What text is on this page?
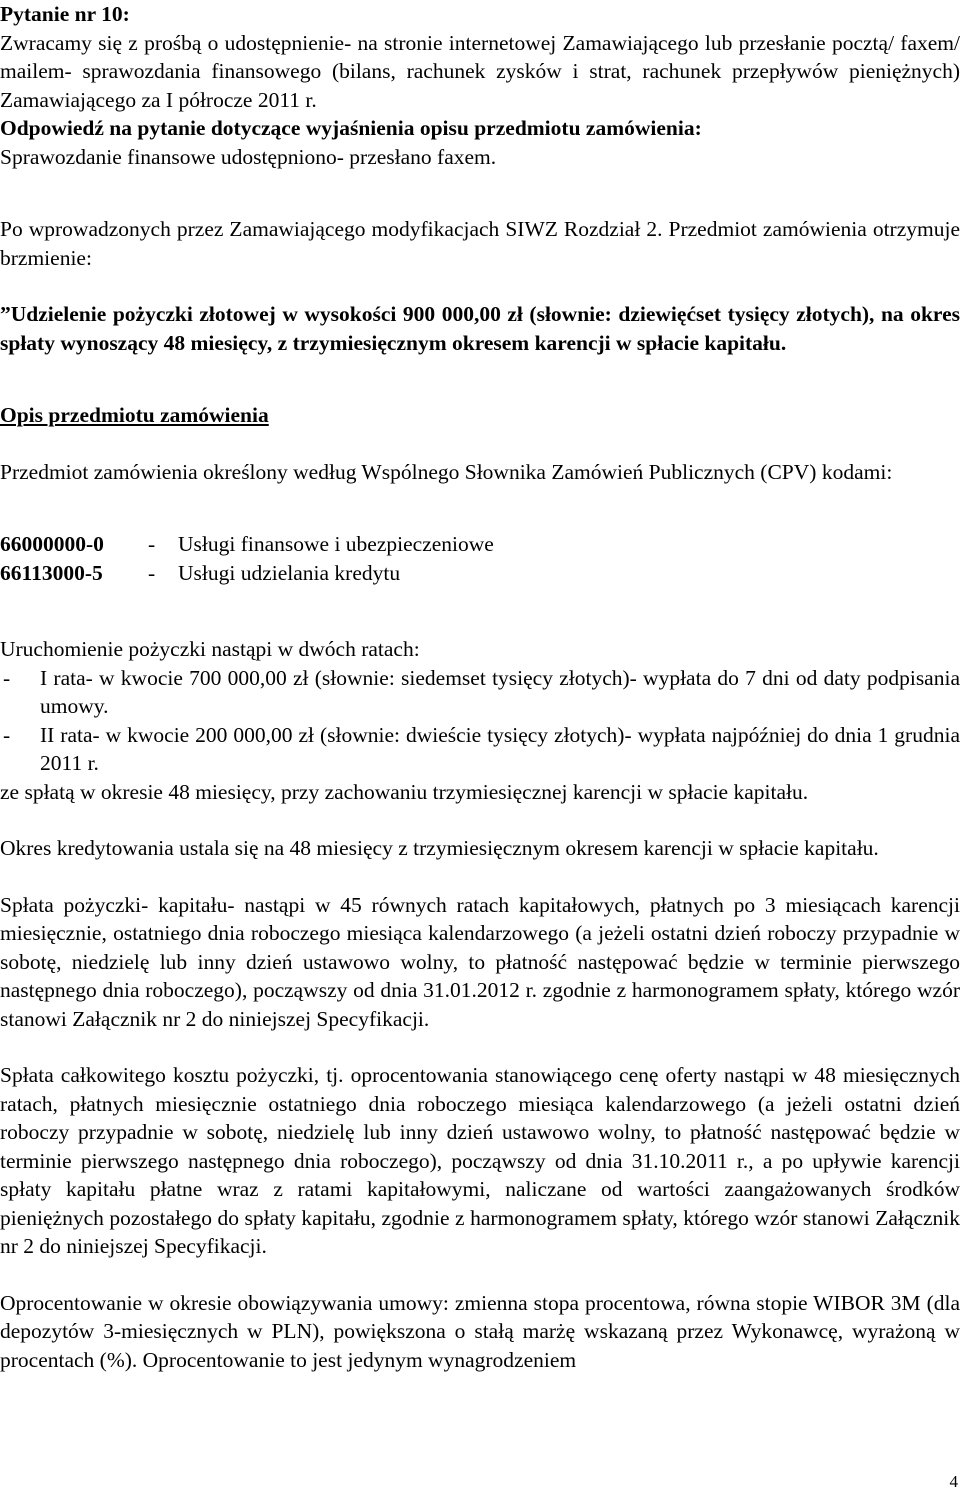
Pytanie nr 10:

Zwracamy się z prośbą o udostępnienie- na stronie internetowej Zamawiającego lub przesłanie pocztą/ faxem/ mailem- sprawozdania finansowego (bilans, rachunek zysków i strat, rachunek przepływów pieniężnych) Zamawiającego za I półrocze 2011 r.

Odpowiedź na pytanie dotyczące wyjaśnienia opisu przedmiotu zamówienia:

Sprawozdanie finansowe udostępniono- przesłano faxem.

Po wprowadzonych przez Zamawiającego modyfikacjach SIWZ Rozdział 2. Przedmiot zamówienia otrzymuje brzmienie:

”Udzielenie pożyczki złotowej w wysokości 900 000,00 zł (słownie: dziewięćset tysięcy złotych), na okres spłaty wynoszący 48 miesięcy, z trzymiesięcznym okresem karencji w spłacie kapitału.

Opis przedmiotu zamówienia

Przedmiot zamówienia określony według Wspólnego Słownika Zamówień Publicznych (CPV) kodami:

66000000-0	-	Usługi finansowe i ubezpieczeniowe
66113000-5	-	Usługi udzielania kredytu

Uruchomienie pożyczki nastąpi w dwóch ratach:

-	I rata- w kwocie 700 000,00 zł (słownie: siedemset tysięcy złotych)- wypłata do 7 dni od daty podpisania umowy.
-	II rata- w kwocie 200 000,00 zł (słownie: dwieście tysięcy złotych)- wypłata najpóźniej do dnia 1 grudnia 2011 r.

ze spłatą w okresie 48 miesięcy, przy zachowaniu trzymiesięcznej karencji w spłacie kapitału.

Okres kredytowania ustala się na 48 miesięcy z trzymiesięcznym okresem karencji w spłacie kapitału.

Spłata pożyczki- kapitału- nastąpi w 45 równych ratach kapitałowych, płatnych po 3 miesiącach karencji miesięcznie, ostatniego dnia roboczego miesiąca kalendarzowego (a jeżeli ostatni dzień roboczy przypadnie w sobotę, niedzielę lub inny dzień ustawowo wolny, to płatność następować będzie w terminie pierwszego następnego dnia roboczego), począwszy od dnia 31.01.2012 r. zgodnie z harmonogramem spłaty, którego wzór stanowi Załącznik nr 2 do niniejszej Specyfikacji.

Spłata całkowitego kosztu pożyczki, tj. oprocentowania stanowiącego cenę oferty nastąpi w 48 miesięcznych ratach, płatnych miesięcznie ostatniego dnia roboczego miesiąca kalendarzowego (a jeżeli ostatni dzień roboczy przypadnie w sobotę, niedzielę lub inny dzień ustawowo wolny, to płatność następować będzie w terminie pierwszego następnego dnia roboczego), począwszy od dnia 31.10.2011 r., a po upływie karencji spłaty kapitału płatne wraz z ratami kapitałowymi, naliczane od wartości zaangażowanych środków pieniężnych pozostałego do spłaty kapitału, zgodnie z harmonogramem spłaty, którego wzór stanowi Załącznik nr 2 do niniejszej Specyfikacji.

Oprocentowanie w okresie obowiązywania umowy: zmienna stopa procentowa, równa stopie WIBOR 3M (dla depozytów 3-miesięcznych w PLN), powiększona o stałą marżę wskazaną przez Wykonawcę, wyrażoną w procentach (%). Oprocentowanie to jest jedynym wynagrodzeniem

4
